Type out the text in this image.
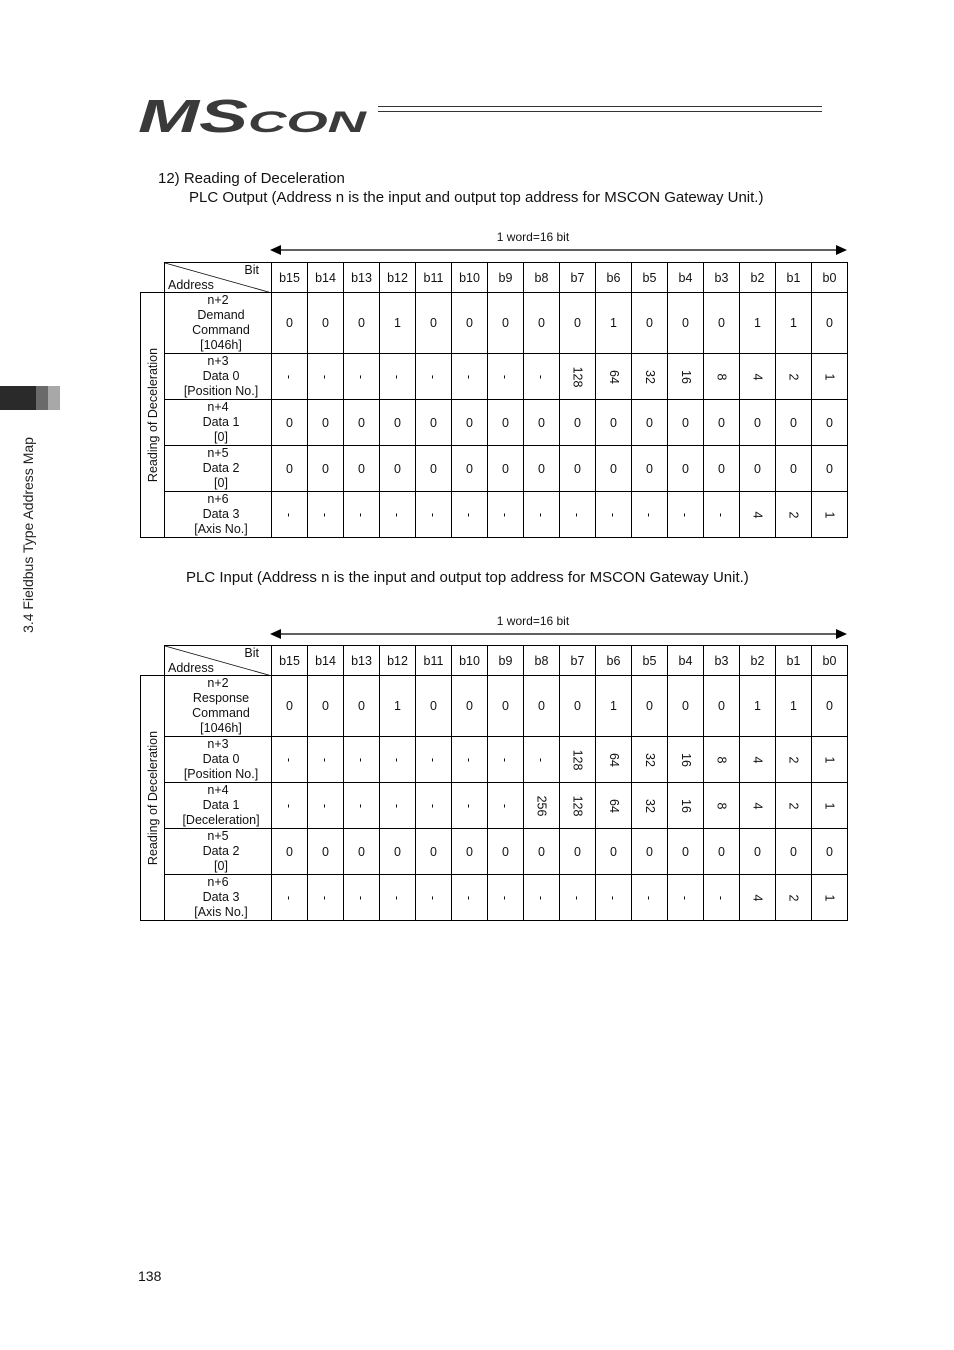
MS CON
3.4 Fieldbus Type Address Map
12) Reading of Deceleration
PLC Output (Address n is the input and output top address for MSCON Gateway Unit.)
1 word=16 bit

	Bit
Address	b15	b14	b13	b12	b11	b10	b9	b8	b7	b6	b5	b4	b3	b2	b1	b0

Reading of Deceleration	n+2
Demand
Command
[1046h]	0	0	0	1	0	0	0	0	0	1	0	0	0	1	1	0

	n+3
Data 0
[Position No.]	-	-	-	-	-	-	-	-	128	64	32	16	8	4	2	1

	n+4
Data 1
[0]	0	0	0	0	0	0	0	0	0	0	0	0	0	0	0	0

	n+5
Data 2
[0]	0	0	0	0	0	0	0	0	0	0	0	0	0	0	0	0

	n+6
Data 3
[Axis No.]	-	-	-	-	-	-	-	-	-	-	-	-	-	4	2	1
PLC Input (Address n is the input and output top address for MSCON Gateway Unit.)
1 word=16 bit

	Bit
Address	b15	b14	b13	b12	b11	b10	b9	b8	b7	b6	b5	b4	b3	b2	b1	b0

Reading of Deceleration	n+2
Response
Command
[1046h]	0	0	0	1	0	0	0	0	0	1	0	0	0	1	1	0

	n+3
Data 0
[Position No.]	-	-	-	-	-	-	-	-	128	64	32	16	8	4	2	1

	n+4
Data 1
[Deceleration]	-	-	-	-	-	-	-	256	128	64	32	16	8	4	2	1

	n+5
Data 2
[0]	0	0	0	0	0	0	0	0	0	0	0	0	0	0	0	0

	n+6
Data 3
[Axis No.]	-	-	-	-	-	-	-	-	-	-	-	-	-	4	2	1
138
